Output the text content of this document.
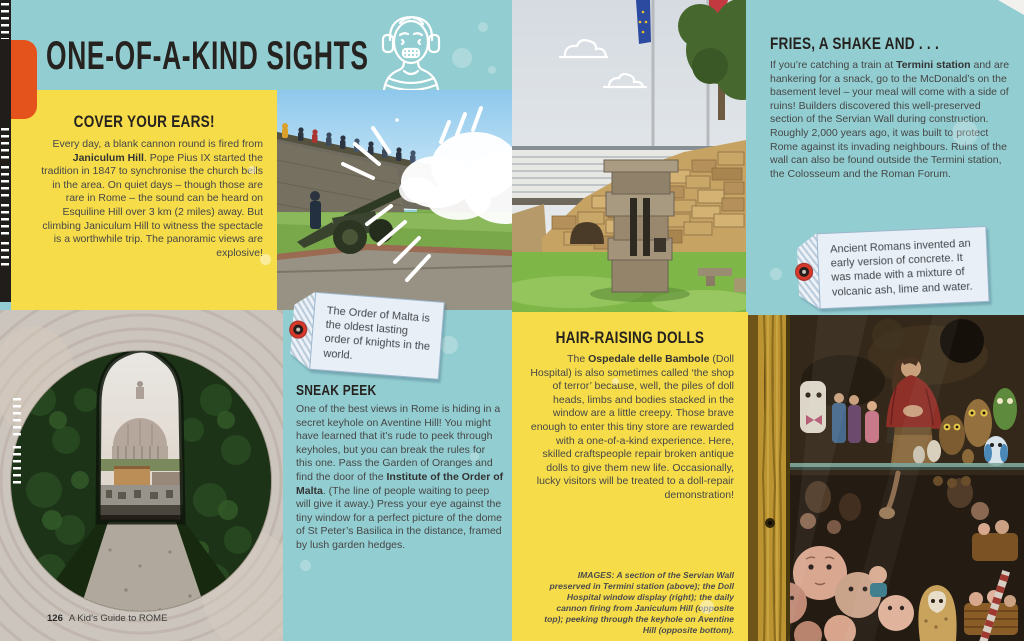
COVER YOUR EARS!

Every day, a blank cannon round is fired from Janiculum Hill. Pope Pius IX started the tradition in 1847 to synchronise the church bells in the area. On quiet days – though those are rare in Rome – the sound can be heard on Esquiline Hill over 3 km (2 miles) away. But climbing Janiculum Hill to witness the spectacle is a worthwhile trip. The panoramic views are explosive!

FRIES, A SHAKE AND . . .

If you’re catching a train at Termini station and are hankering for a snack, go to the McDonald’s on the basement level – your meal will come with a side of ruins! Builders discovered this well-preserved section of the Servian Wall during construction. Roughly 2,000 years ago, it was built to protect Rome against its invading neighbours. Ruins of the wall can also be found outside the Termini station, the Colosseum and the Roman Forum.

SNEAK PEEK

One of the best views in Rome is hiding in a secret keyhole on Aventine Hill! You might have learned that it’s rude to peek through keyholes, but you can break the rules for this one. Pass the Garden of Oranges and find the door of the Institute of the Order of Malta. (The line of people waiting to peep will give it away.) Press your eye against the tiny window for a perfect picture of the dome of St Peter’s Basilica in the distance, framed by lush garden hedges.

HAIR-RAISING DOLLS

The Ospedale delle Bambole (Doll Hospital) is also sometimes called ‘the shop of terror’ because, well, the piles of doll heads, limbs and bodies stacked in the window are a little creepy. Those brave enough to enter this tiny store are rewarded with a one-of-a-kind experience. Here, skilled craftspeople repair broken antique dolls to give them new life. Occasionally, lucky visitors will be treated to a doll-repair demonstration!

IMAGES: A section of the Servian Wall preserved in Termini station (above); the Doll Hospital window display (right); the daily cannon firing from Janiculum Hill (opposite top); peeking through the keyhole on Aventine Hill (opposite bottom).

The Order of Malta is the oldest lasting order of knights in the world.
Ancient Romans invented an early version of concrete. It was made with a mixture of volcanic ash, lime and water.
ONE-OF-A-KIND SIGHTS
126 A Kid’s Guide to ROME
